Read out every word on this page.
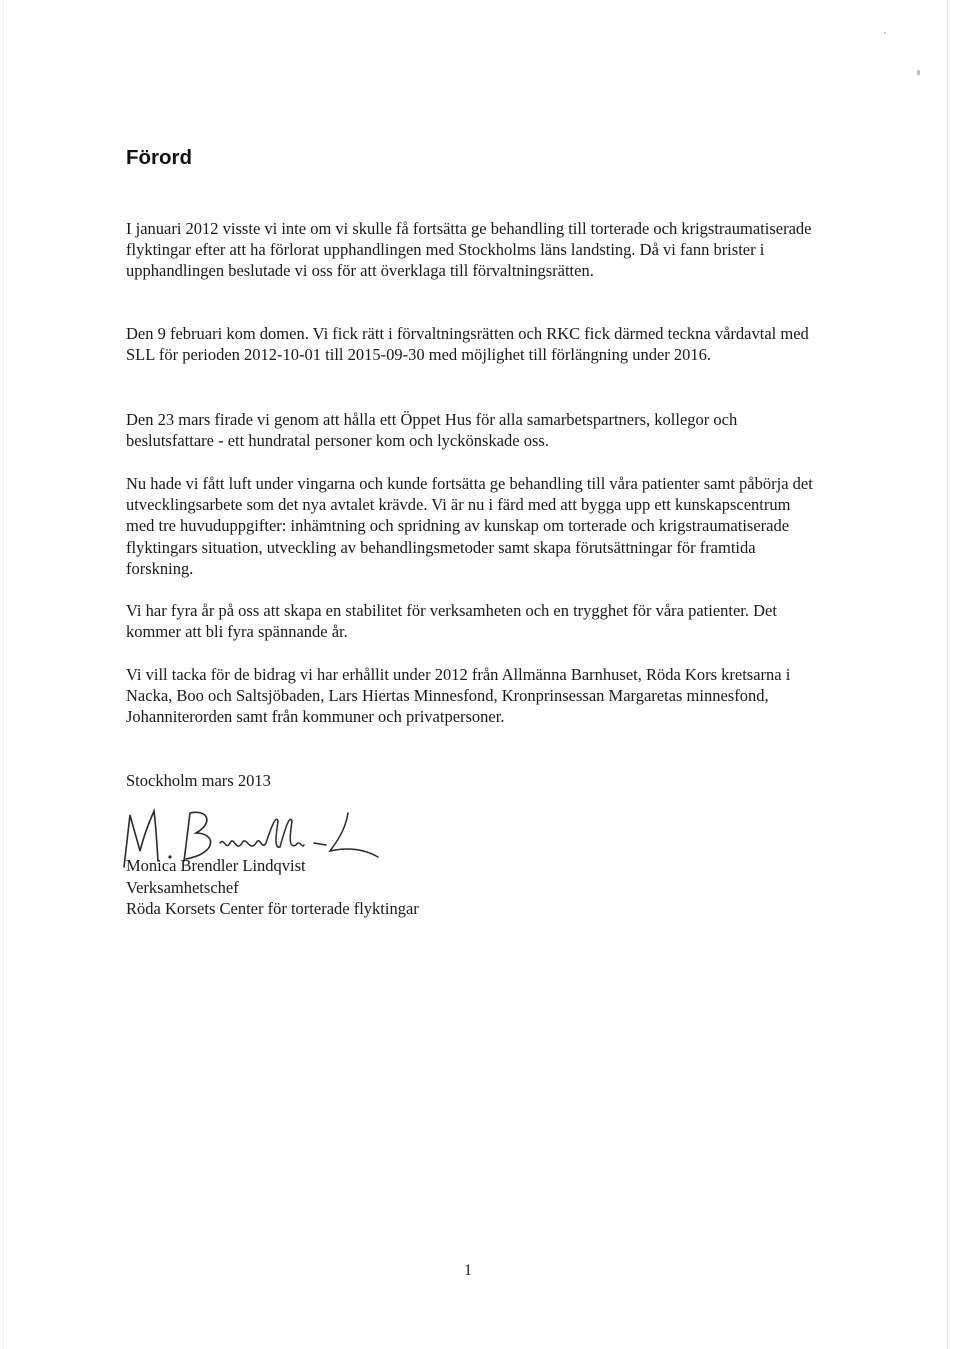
Förord

I januari 2012 visste vi inte om vi skulle få fortsätta ge behandling till torterade och krigstraumatiserade flyktingar efter att ha förlorat upphandlingen med Stockholms läns landsting. Då vi fann brister i upphandlingen beslutade vi oss för att överklaga till förvaltningsrätten.

Den 9 februari kom domen. Vi fick rätt i förvaltningsrätten och RKC fick därmed teckna vårdavtal med SLL för perioden 2012-10-01 till 2015-09-30 med möjlighet till förlängning under 2016.

Den 23 mars firade vi genom att hålla ett Öppet Hus för alla samarbetspartners, kollegor och beslutsfattare - ett hundratal personer kom och lyckönskade oss.

Nu hade vi fått luft under vingarna och kunde fortsätta ge behandling till våra patienter samt påbörja det utvecklingsarbete som det nya avtalet krävde. Vi är nu i färd med att bygga upp ett kunskapscentrum med tre huvuduppgifter: inhämtning och spridning av kunskap om torterade och krigstraumatiserade flyktingars situation, utveckling av behandlingsmetoder samt skapa förutsättningar för framtida forskning.

Vi har fyra år på oss att skapa en stabilitet för verksamheten och en trygghet för våra patienter. Det kommer att bli fyra spännande år.

Vi vill tacka för de bidrag vi har erhållit under 2012 från Allmänna Barnhuset, Röda Kors kretsarna i Nacka, Boo och Saltsjöbaden, Lars Hiertas Minnesfond, Kronprinsessan Margaretas minnesfond, Johanniterorden samt från kommuner och privatpersoner.

Stockholm mars 2013

Monica Brendler Lindqvist
Verksamhetschef
Röda Korsets Center för torterade flyktingar
1
